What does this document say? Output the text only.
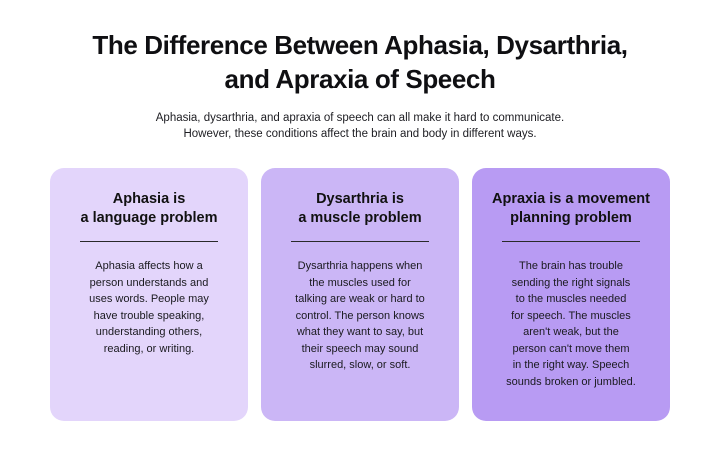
The Difference Between Aphasia, Dysarthria,
and Apraxia of Speech

Aphasia, dysarthria, and apraxia of speech can all make it hard to communicate.
However, these conditions affect the brain and body in different ways.

Aphasia is
a language problem

Aphasia affects how a
person understands and
uses words. People may
have trouble speaking,
understanding others,
reading, or writing.

Dysarthria is
a muscle problem

Dysarthria happens when
the muscles used for
talking are weak or hard to
control. The person knows
what they want to say, but
their speech may sound
slurred, slow, or soft.

Apraxia is a movement
planning problem

The brain has trouble
sending the right signals
to the muscles needed
for speech. The muscles
aren't weak, but the
person can't move them
in the right way. Speech
sounds broken or jumbled.
